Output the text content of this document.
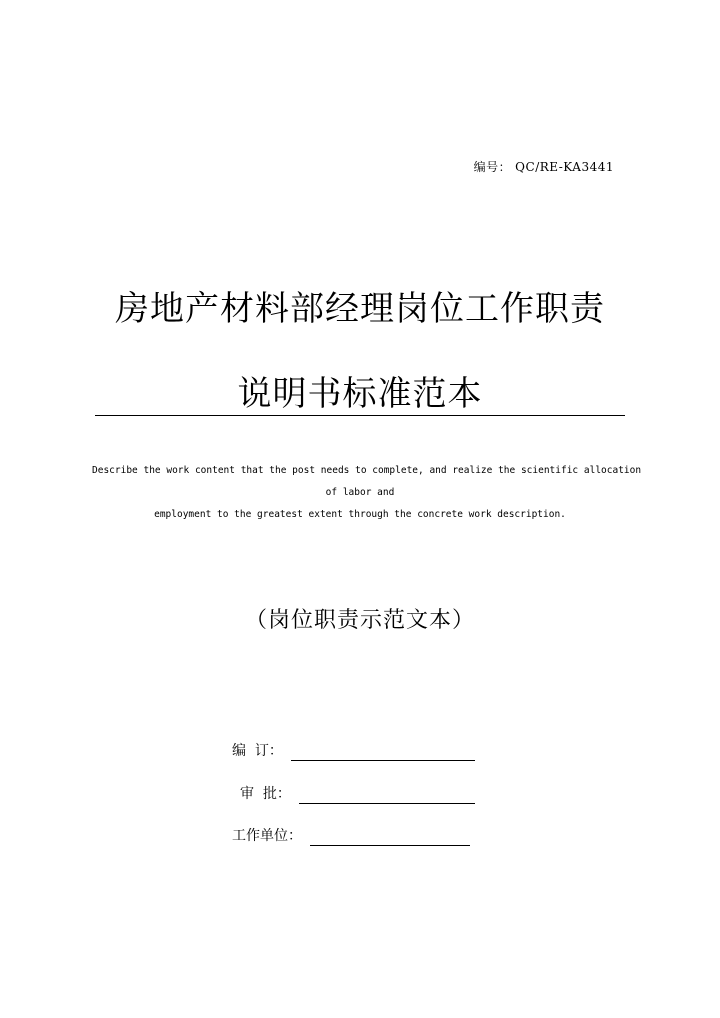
编号： QC/RE-KA3441
房地产材料部经理岗位工作职责
说明书标准范本
Describe the work content that the post needs to complete, and realize the scientific allocation
of labor and
employment to the greatest extent through the concrete work description.
（岗位职责示范文本）
编  订：
审  批：
工作单位：
